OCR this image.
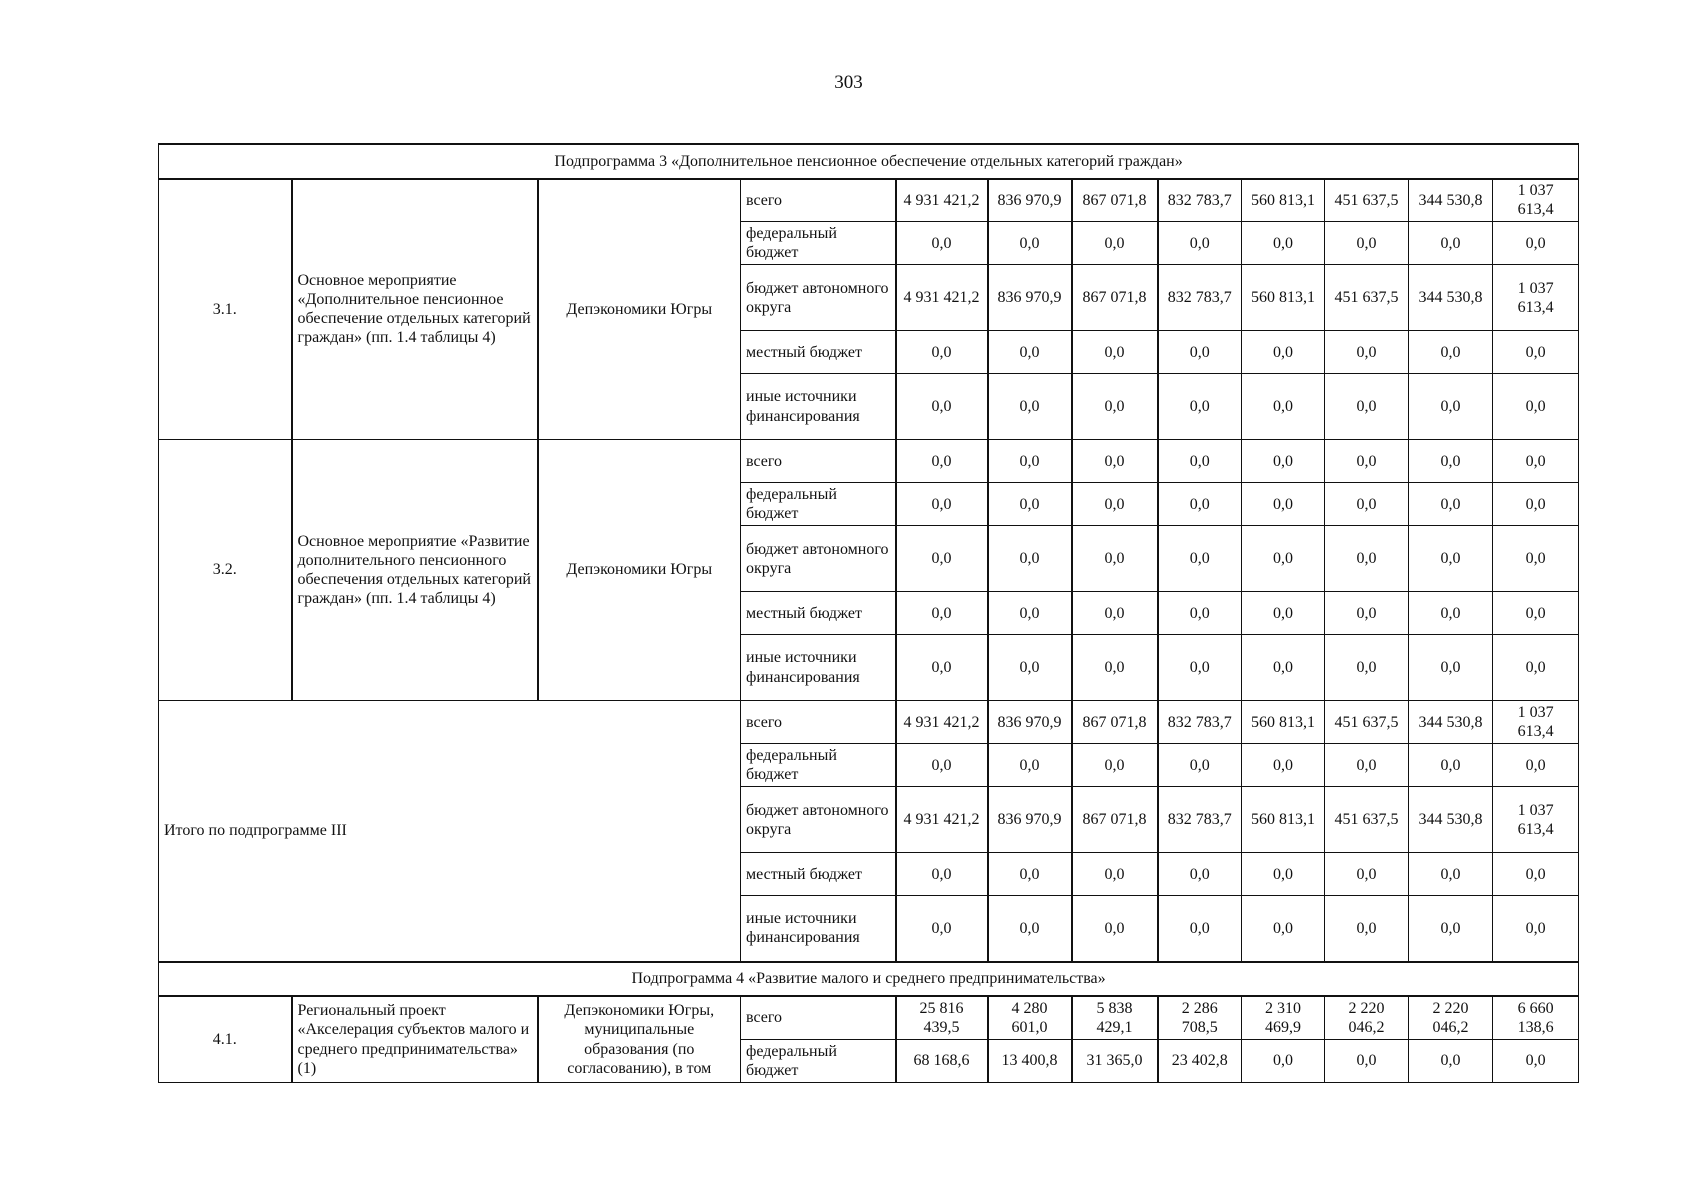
303
Подпрограмма 3 «Дополнительное пенсионное обеспечение отдельных категорий граждан»											
3.1.	Основное мероприятие «Дополнительное пенсионное обеспечение отдельных категорий граждан» (пп. 1.4 таблицы 4)	Депэкономики Югры	всего	4 931 421,2	836 970,9	867 071,8	832 783,7	560 813,1	451 637,5	344 530,8	1 037 613,4
			федеральный бюджет	0,0	0,0	0,0	0,0	0,0	0,0	0,0	0,0
			бюджет автономного округа	4 931 421,2	836 970,9	867 071,8	832 783,7	560 813,1	451 637,5	344 530,8	1 037 613,4
			местный бюджет	0,0	0,0	0,0	0,0	0,0	0,0	0,0	0,0
			иные источники финансирования	0,0	0,0	0,0	0,0	0,0	0,0	0,0	0,0
3.2.	Основное мероприятие «Развитие дополнительного пенсионного обеспечения отдельных категорий граждан» (пп. 1.4 таблицы 4)	Депэкономики Югры	всего	0,0	0,0	0,0	0,0	0,0	0,0	0,0	0,0
			федеральный бюджет	0,0	0,0	0,0	0,0	0,0	0,0	0,0	0,0
			бюджет автономного округа	0,0	0,0	0,0	0,0	0,0	0,0	0,0	0,0
			местный бюджет	0,0	0,0	0,0	0,0	0,0	0,0	0,0	0,0
			иные источники финансирования	0,0	0,0	0,0	0,0	0,0	0,0	0,0	0,0
Итого по подпрограмме III			всего	4 931 421,2	836 970,9	867 071,8	832 783,7	560 813,1	451 637,5	344 530,8	1 037 613,4
			федеральный бюджет	0,0	0,0	0,0	0,0	0,0	0,0	0,0	0,0
			бюджет автономного округа	4 931 421,2	836 970,9	867 071,8	832 783,7	560 813,1	451 637,5	344 530,8	1 037 613,4
			местный бюджет	0,0	0,0	0,0	0,0	0,0	0,0	0,0	0,0
			иные источники финансирования	0,0	0,0	0,0	0,0	0,0	0,0	0,0	0,0
Подпрограмма 4 «Развитие малого и среднего предпринимательства»											
4.1.	Региональный проект «Акселерация субъектов малого и среднего предпринимательства» (1)	Депэкономики Югры, муниципальные образования (по согласованию), в том	всего	25 816 439,5	4 280 601,0	5 838 429,1	2 286 708,5	2 310 469,9	2 220 046,2	2 220 046,2	6 660 138,6
			федеральный бюджет	68 168,6	13 400,8	31 365,0	23 402,8	0,0	0,0	0,0	0,0
